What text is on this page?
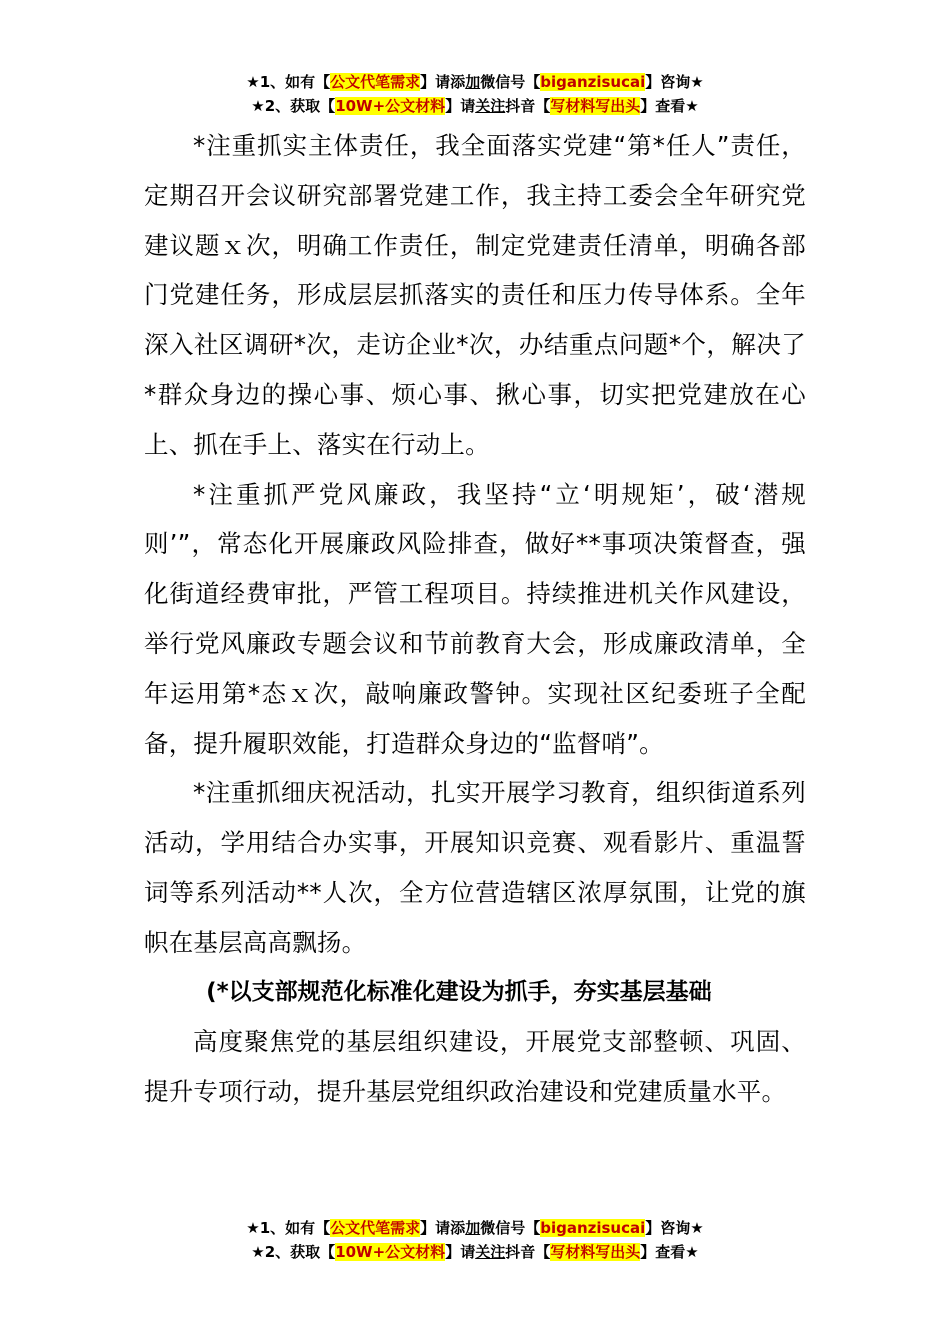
★1、如有【公文代笔需求】请添加微信号【biganzisucai】咨询★
★2、获取【10W+公文材料】请关注抖音【写材料写出头】查看★

*注重抓实主体责任，我全面落实党建“第*任人”责任，定期召开会议研究部署党建工作，我主持工委会全年研究党建议题ｘ次，明确工作责任，制定党建责任清单，明确各部门党建任务，形成层层抓落实的责任和压力传导体系。全年深入社区调研*次，走访企业*次，办结重点问题*个，解决了*群众身边的操心事、烦心事、揪心事，切实把党建放在心上、抓在手上、落实在行动上。

*注重抓严党风廉政，我坚持“立‘明规矩’，破‘潜规则’”，常态化开展廉政风险排查，做好**事项决策督查，强化街道经费审批，严管工程项目。持续推进机关作风建设，举行党风廉政专题会议和节前教育大会，形成廉政清单，全年运用第*态ｘ次，敲响廉政警钟。实现社区纪委班子全配备，提升履职效能，打造群众身边的“监督哨”。

*注重抓细庆祝活动，扎实开展学习教育，组织街道系列活动，学用结合办实事，开展知识竞赛、观看影片、重温誓词等系列活动**人次，全方位营造辖区浓厚氛围，让党的旗帜在基层高高飘扬。

(*以支部规范化标准化建设为抓手，夯实基层基础

高度聚焦党的基层组织建设，开展党支部整顿、巩固、提升专项行动，提升基层党组织政治建设和党建质量水平。

★1、如有【公文代笔需求】请添加微信号【biganzisucai】咨询★
★2、获取【10W+公文材料】请关注抖音【写材料写出头】查看★
